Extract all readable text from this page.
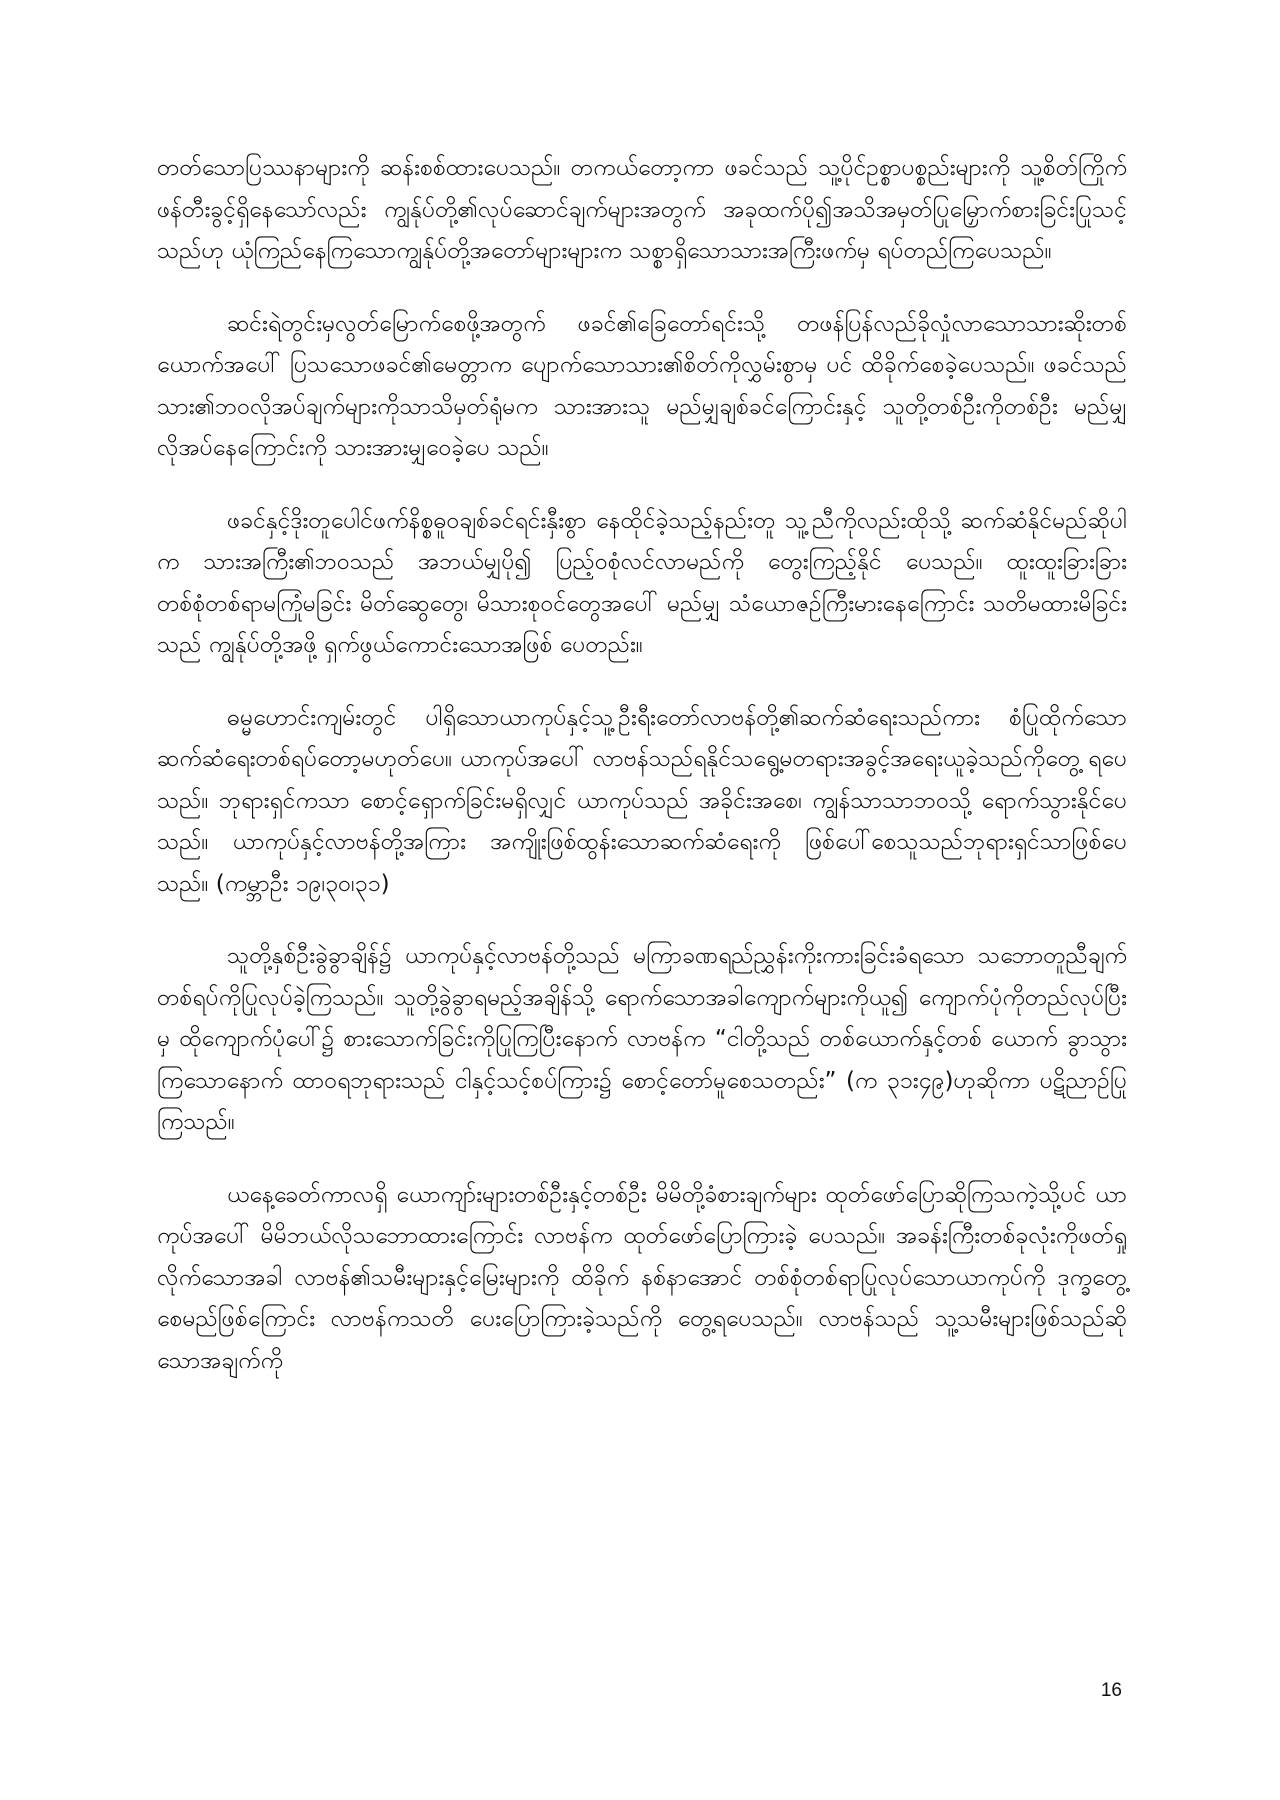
တတ်သောပြဿနာများကို ဆန်းစစ်ထားပေသည်။ တကယ်တော့ကာ ဖခင်သည် သူ့ပိုင်ဥစ္စာပစ္စည်းများကို သူ့စိတ်ကြိုက်ဖန်တီးခွင့်ရှိနေသော်လည်း ကျွန်ုပ်တို့၏လုပ်ဆောင်ချက်များအတွက် အခုထက်ပို၍အသိအမှတ်ပြုမြှောက်စားခြင်းပြုသင့်သည်ဟု ယုံကြည်နေကြသောကျွန်ုပ်တို့အတော်များများက သစ္စာရှိသောသားအကြီးဖက်မှ ရပ်တည်ကြပေသည်။

ဆင်းရဲတွင်းမှလွတ်မြောက်စေဖို့အတွက် ဖခင်၏ခြေတော်ရင်းသို့ တဖန်ပြန်လည်ခိုလှုံလာသောသားဆိုးတစ်ယောက်အပေါ် ပြသသောဖခင်၏မေတ္တာက ပျောက်သောသား၏စိတ်ကိုလွှမ်းစွာမှ ပင် ထိခိုက်စေခဲ့ပေသည်။ ဖခင်သည် သား၏ဘဝလိုအပ်ချက်များကိုသာသိမှတ်ရုံမက သားအားသူ မည်မျှချစ်ခင်ကြောင်းနှင့် သူတို့တစ်ဦးကိုတစ်ဦး မည်မျှလိုအပ်နေကြောင်းကို သားအားမျှဝေခဲ့ပေ သည်။

ဖခင်နှင့်ဒိုးတူပေါင်ဖက်နိစ္စဓူဝချစ်ခင်ရင်းနှီးစွာ နေထိုင်ခဲ့သည့်နည်းတူ သူ့ညီကိုလည်းထိုသို့ ဆက်ဆံနိုင်မည်ဆိုပါက သားအကြီး၏ဘဝသည် အဘယ်မျှပို၍ ပြည့်ဝစုံလင်လာမည်ကို တွေးကြည့်နိုင် ပေသည်။ ထူးထူးခြားခြား တစ်စုံတစ်ရာမကြုံမခြင်း မိတ်ဆွေတွေ၊ မိသားစုဝင်တွေအပေါ် မည်မျှ သံယောဇဉ်ကြီးမားနေကြောင်း သတိမထားမိခြင်းသည် ကျွန်ုပ်တို့အဖို့ ရှက်ဖွယ်ကောင်းသောအဖြစ် ပေတည်း။

ဓမ္မဟောင်းကျမ်းတွင် ပါရှိသောယာကုပ်နှင့်သူ့ဦးရီးတော်လာဗန်တို့၏ဆက်ဆံရေးသည်ကား စံပြုထိုက်သောဆက်ဆံရေးတစ်ရပ်တော့မဟုတ်ပေ။ ယာကုပ်အပေါ် လာဗန်သည်ရနိုင်သရွေ့မတရားအခွင့်အရေးယူခဲ့သည်ကိုတွေ့ ရပေသည်။ ဘုရားရှင်ကသာ စောင့်ရှောက်ခြင်းမရှိလျှင် ယာကုပ်သည် အခိုင်းအစေ၊ ကျွန်သာသာဘဝသို့ ရောက်သွားနိုင်ပေသည်။ ယာကုပ်နှင့်လာဗန်တို့အကြား အကျိုးဖြစ်ထွန်းသောဆက်ဆံရေးကို ဖြစ်ပေါ်စေသူသည်ဘုရားရှင်သာဖြစ်ပေသည်။ (ကမ္ဘာဦး ၁၉၊၃၀၊၃၁)

သူတို့နှစ်ဦးခွဲခွာချိန်၌ ယာကုပ်နှင့်လာဗန်တို့သည် မကြာခဏရည်ညွှန်းကိုးကားခြင်းခံရသော သဘောတူညီချက်တစ်ရပ်ကိုပြုလုပ်ခဲ့ကြသည်။ သူတို့ခွဲခွာရမည့်အချိန်သို့ ရောက်သောအခါကျောက်များကိုယူ၍ ကျောက်ပုံကိုတည်လုပ်ပြီးမှ ထိုကျောက်ပုံပေါ်၌ စားသောက်ခြင်းကိုပြုကြပြီးနောက် လာဗန်က “ငါတို့သည် တစ်ယောက်နှင့်တစ် ယောက် ခွာသွားကြသောနောက် ထာဝရဘုရားသည် ငါနှင့်သင့်စပ်ကြား၌ စောင့်တော်မူစေသတည်း” (က ၃၁း၄၉)ဟုဆိုကာ ပဋိညာဉ်ပြုကြသည်။

ယနေ့ခေတ်ကာလရှိ ယောကျာ်းများတစ်ဦးနှင့်တစ်ဦး မိမိတို့ခံစားချက်များ ထုတ်ဖော်ပြောဆိုကြသကဲ့သို့ပင် ယာကုပ်အပေါ် မိမိဘယ်လိုသဘောထားကြောင်း လာဗန်က ထုတ်ဖော်ပြောကြားခဲ့ ပေသည်။ အခန်းကြီးတစ်ခုလုံးကိုဖတ်ရှုလိုက်သောအခါ လာဗန်၏သမီးများနှင့်မြေးများကို ထိခိုက် နစ်နာအောင် တစ်စုံတစ်ရာပြုလုပ်သောယာကုပ်ကို ဒုက္ခတွေ့စေမည်ဖြစ်ကြောင်း လာဗန်ကသတိ ပေးပြောကြားခဲ့သည်ကို တွေ့ရပေသည်။ လာဗန်သည် သူ့သမီးများဖြစ်သည်ဆိုသောအချက်ကို

16
